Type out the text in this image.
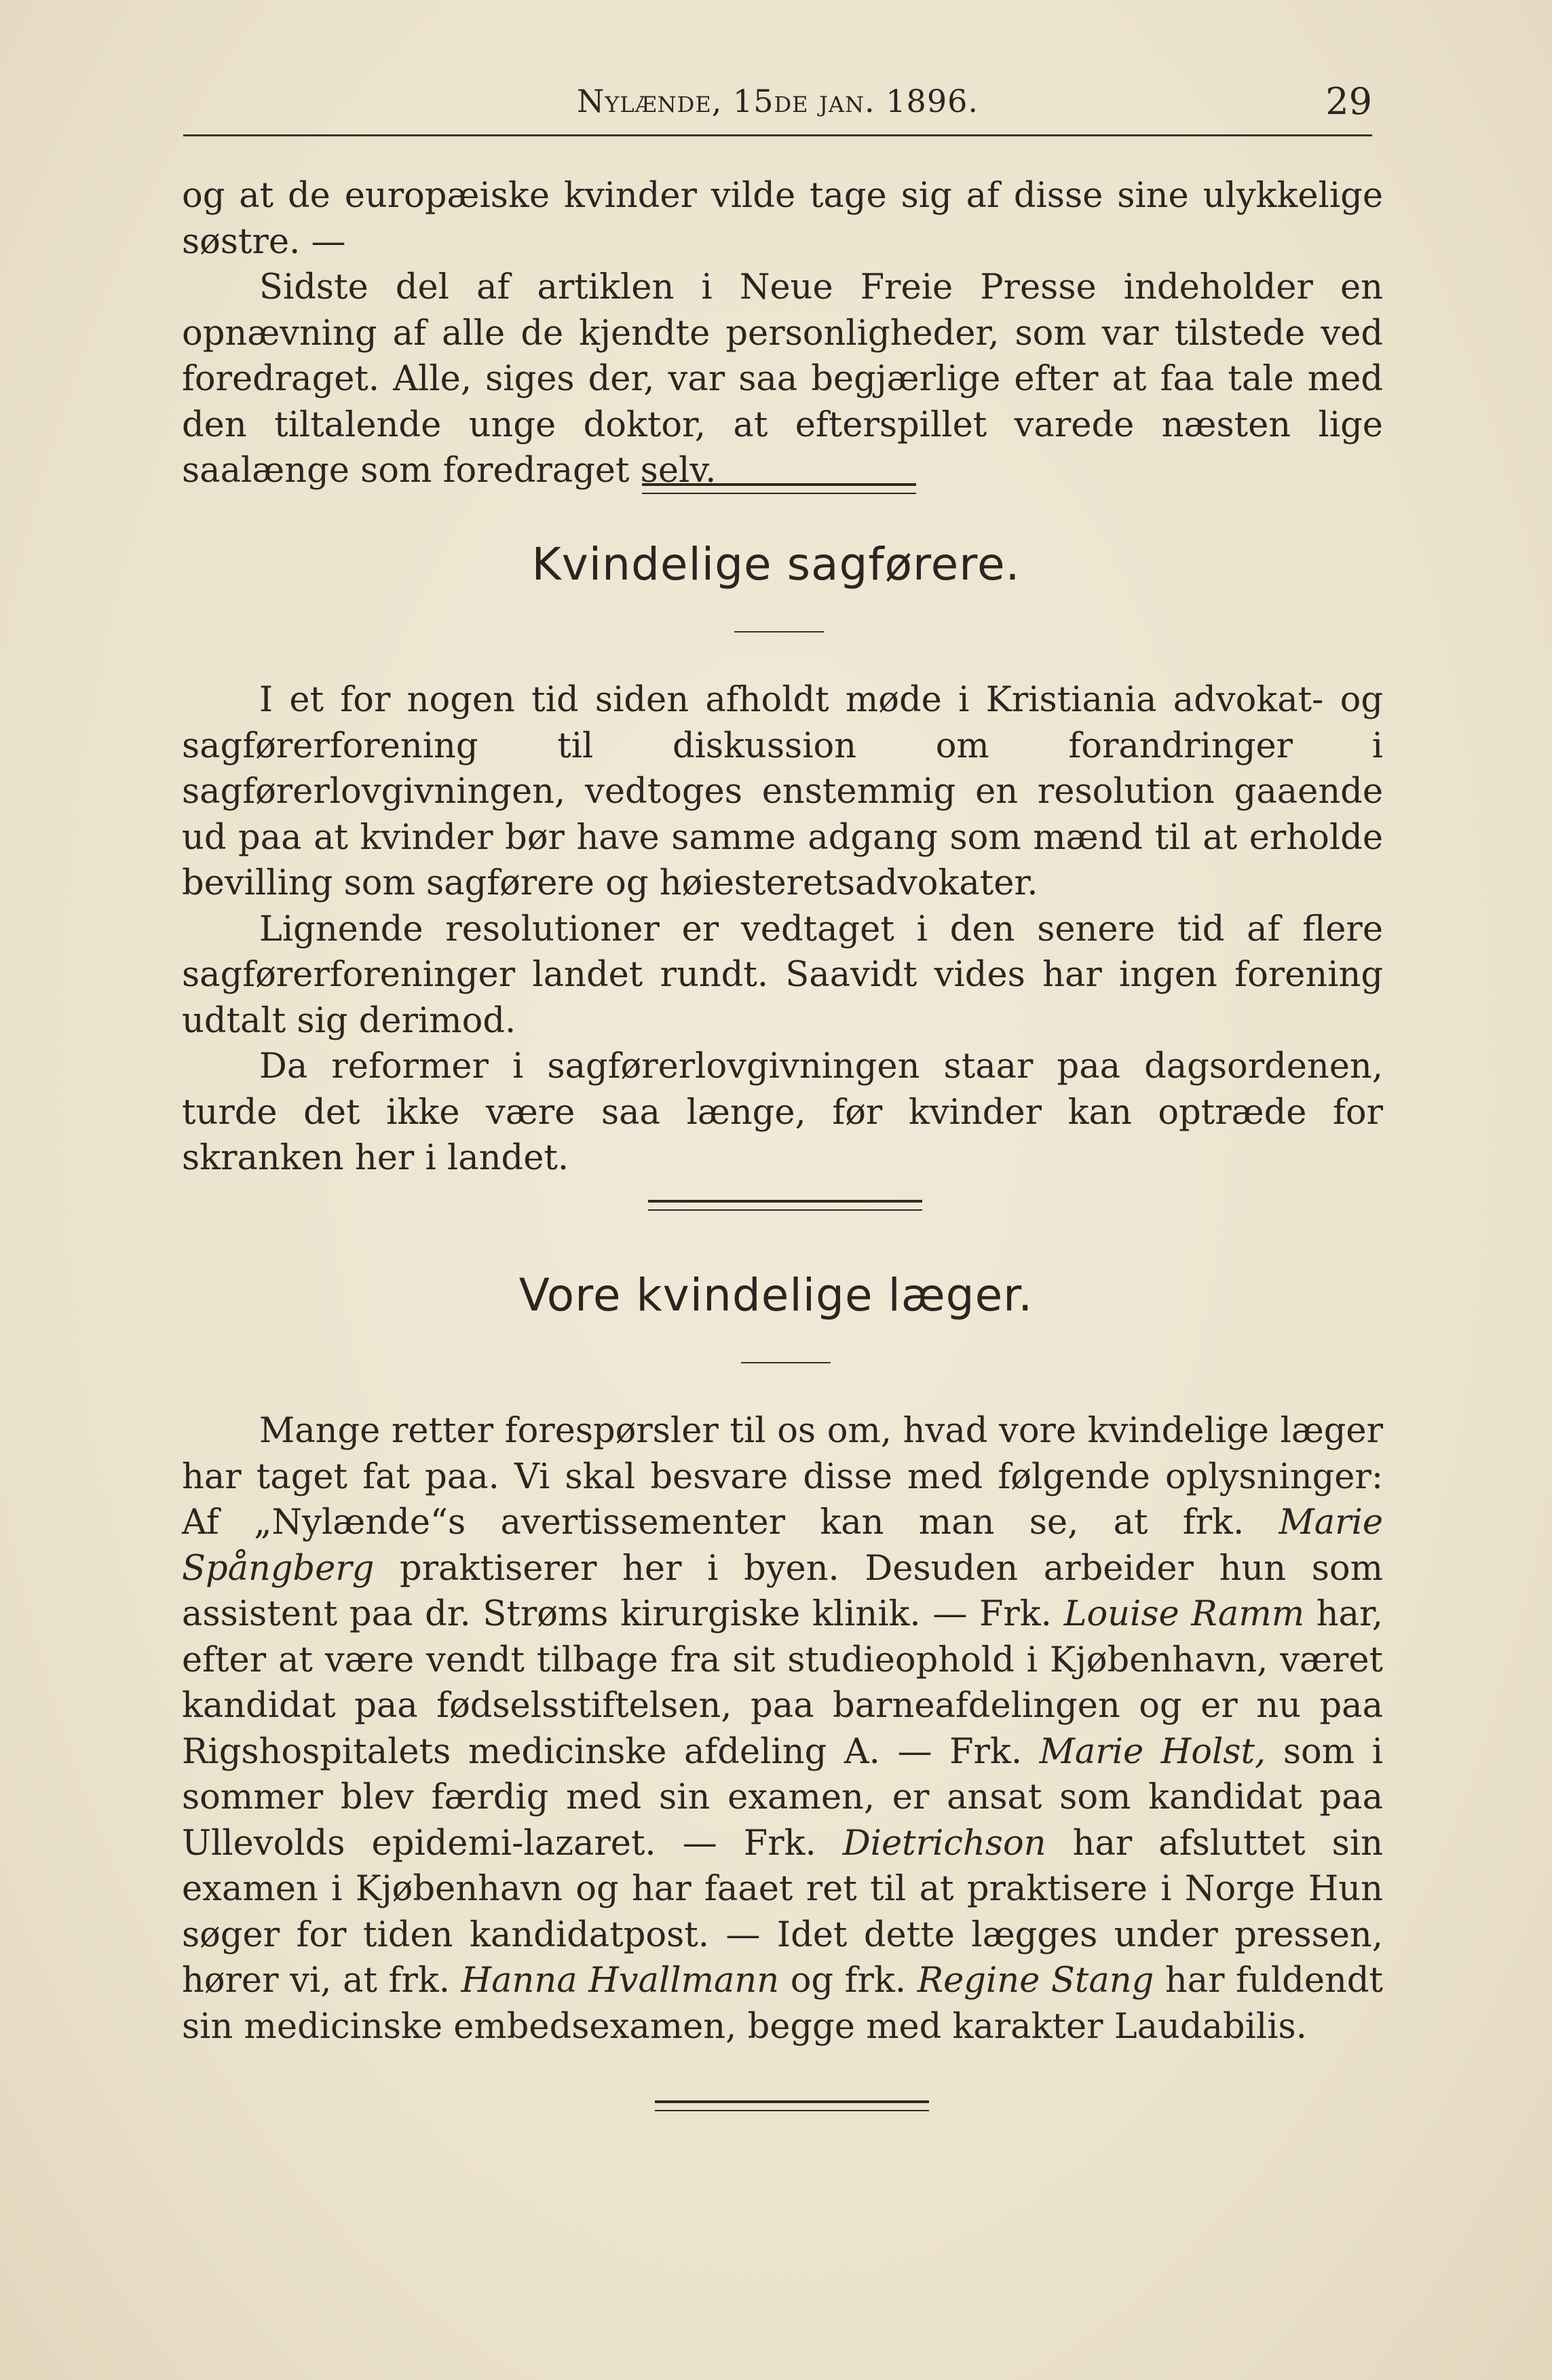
Nylænde, 15de jan. 1896.	29

og at de europæiske kvinder vilde tage sig af disse sine ulykkelige søstre. —

Sidste del af artiklen i Neue Freie Presse indeholder en opnævning af alle de kjendte personligheder, som var tilstede ved foredraget. Alle, siges der, var saa begjærlige efter at faa tale med den tiltalende unge doktor, at efterspillet varede næsten lige saalænge som foredraget selv.

Kvindelige sagførere.

I et for nogen tid siden afholdt møde i Kristiania advokat- og sagførerforening til diskussion om forandringer i sagførerlovgivningen, vedtoges enstemmig en resolution gaaende ud paa at kvinder bør have samme adgang som mænd til at erholde bevilling som sagførere og høiesteretsadvokater.

Lignende resolutioner er vedtaget i den senere tid af flere sagførerforeninger landet rundt. Saavidt vides har ingen forening udtalt sig derimod.

Da reformer i sagførerlovgivningen staar paa dagsordenen, turde det ikke være saa længe, før kvinder kan optræde for skranken her i landet.

Vore kvindelige læger.

Mange retter forespørsler til os om, hvad vore kvindelige læger har taget fat paa. Vi skal besvare disse med følgende oplysninger: Af „Nylænde“s avertissementer kan man se, at frk. Marie Spångberg praktiserer her i byen. Desuden arbeider hun som assistent paa dr. Strøms kirurgiske klinik. — Frk. Louise Ramm har, efter at være vendt tilbage fra sit studieophold i Kjøbenhavn, været kandidat paa fødselsstiftelsen, paa barneafdelingen og er nu paa Rigshospitalets medicinske afdeling A. — Frk. Marie Holst, som i sommer blev færdig med sin examen, er ansat som kandidat paa Ullevolds epidemi-lazaret. — Frk. Dietrichson har afsluttet sin examen i Kjøbenhavn og har faaet ret til at praktisere i Norge Hun søger for tiden kandidatpost. — Idet dette lægges under pressen, hører vi, at frk. Hanna Hvallmann og frk. Regine Stang har fuldendt sin medicinske embedsexamen, begge med karakter Laudabilis.
